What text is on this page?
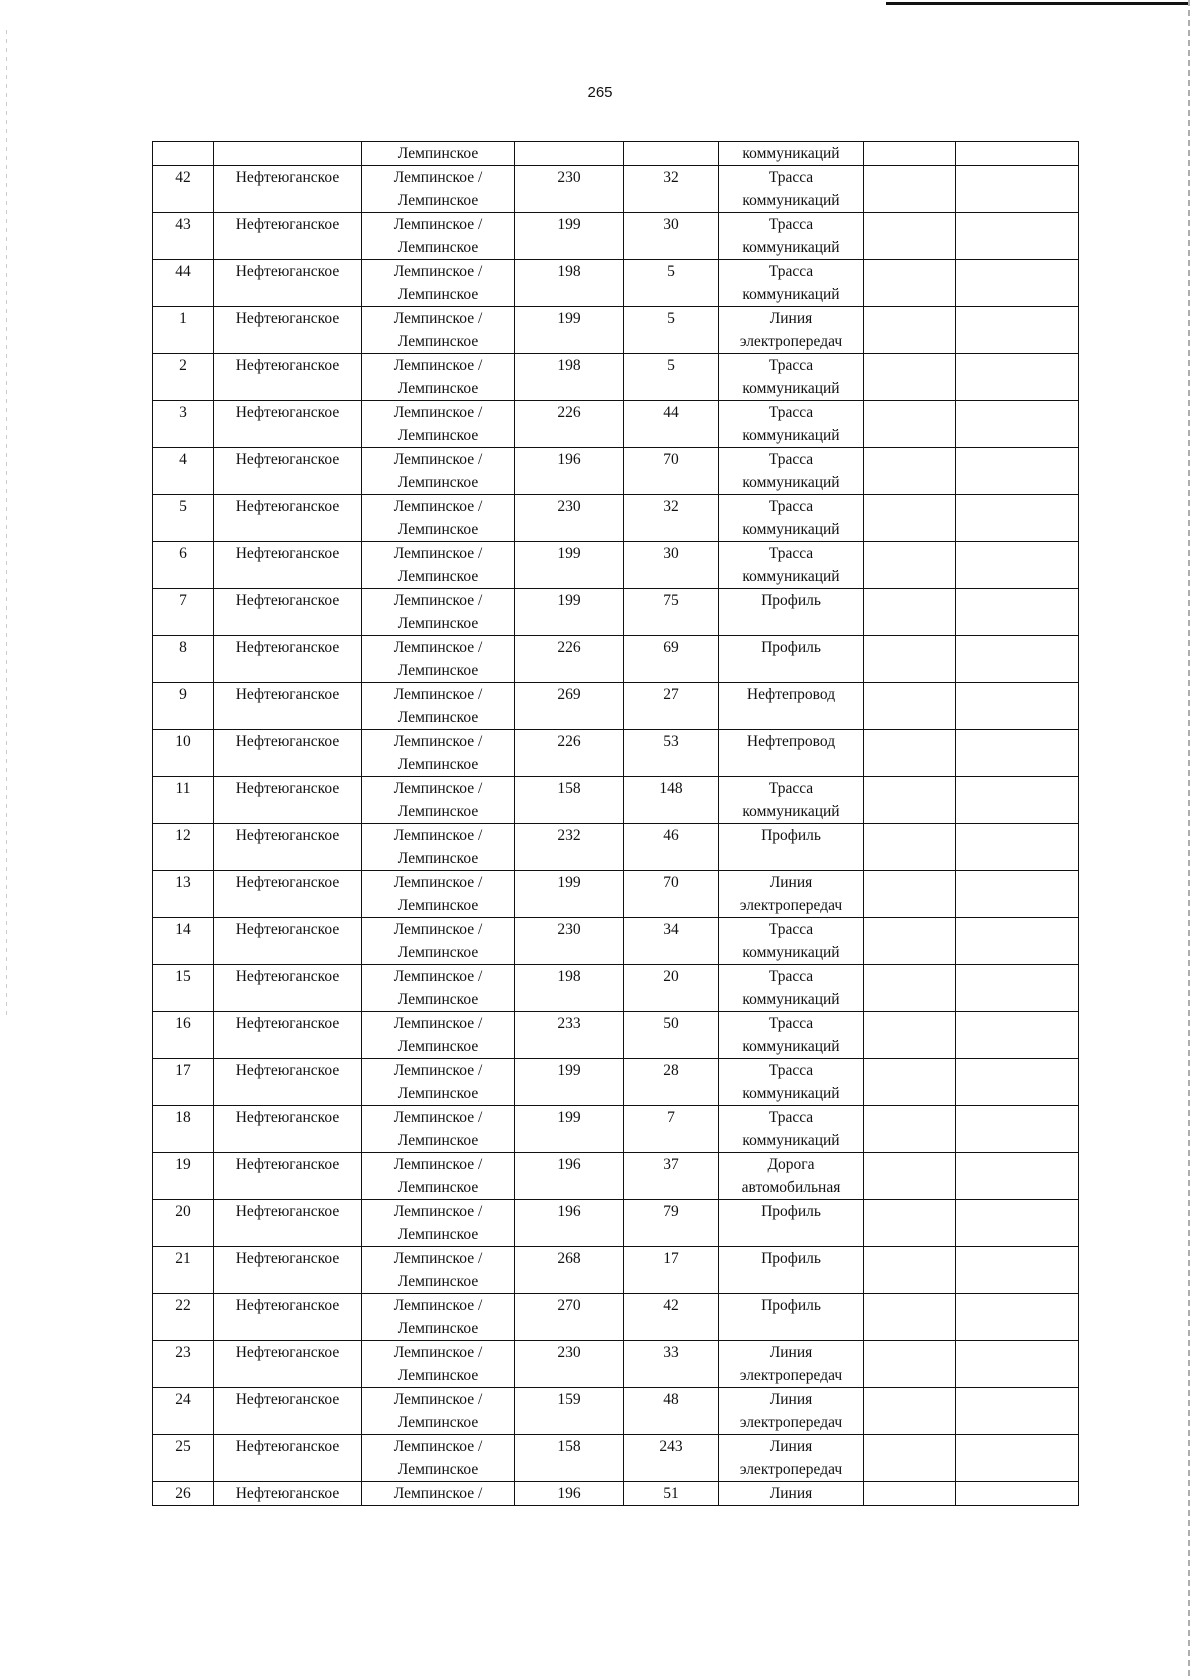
265

		Лемпинское			коммуникаций		

42	Нефтеюганское	Лемпинское /
Лемпинское	230	32	Трасса
коммуникаций		

43	Нефтеюганское	Лемпинское /
Лемпинское	199	30	Трасса
коммуникаций		

44	Нефтеюганское	Лемпинское /
Лемпинское	198	5	Трасса
коммуникаций		

1	Нефтеюганское	Лемпинское /
Лемпинское	199	5	Линия
электропередач		

2	Нефтеюганское	Лемпинское /
Лемпинское	198	5	Трасса
коммуникаций		

3	Нефтеюганское	Лемпинское /
Лемпинское	226	44	Трасса
коммуникаций		

4	Нефтеюганское	Лемпинское /
Лемпинское	196	70	Трасса
коммуникаций		

5	Нефтеюганское	Лемпинское /
Лемпинское	230	32	Трасса
коммуникаций		

6	Нефтеюганское	Лемпинское /
Лемпинское	199	30	Трасса
коммуникаций		

7	Нефтеюганское	Лемпинское /
Лемпинское	199	75	Профиль		

8	Нефтеюганское	Лемпинское /
Лемпинское	226	69	Профиль		

9	Нефтеюганское	Лемпинское /
Лемпинское	269	27	Нефтепровод		

10	Нефтеюганское	Лемпинское /
Лемпинское	226	53	Нефтепровод		

11	Нефтеюганское	Лемпинское /
Лемпинское	158	148	Трасса
коммуникаций		

12	Нефтеюганское	Лемпинское /
Лемпинское	232	46	Профиль		

13	Нефтеюганское	Лемпинское /
Лемпинское	199	70	Линия
электропередач		

14	Нефтеюганское	Лемпинское /
Лемпинское	230	34	Трасса
коммуникаций		

15	Нефтеюганское	Лемпинское /
Лемпинское	198	20	Трасса
коммуникаций		

16	Нефтеюганское	Лемпинское /
Лемпинское	233	50	Трасса
коммуникаций		

17	Нефтеюганское	Лемпинское /
Лемпинское	199	28	Трасса
коммуникаций		

18	Нефтеюганское	Лемпинское /
Лемпинское	199	7	Трасса
коммуникаций		

19	Нефтеюганское	Лемпинское /
Лемпинское	196	37	Дорога
автомобильная		

20	Нефтеюганское	Лемпинское /
Лемпинское	196	79	Профиль		

21	Нефтеюганское	Лемпинское /
Лемпинское	268	17	Профиль		

22	Нефтеюганское	Лемпинское /
Лемпинское	270	42	Профиль		

23	Нефтеюганское	Лемпинское /
Лемпинское	230	33	Линия
электропередач		

24	Нефтеюганское	Лемпинское /
Лемпинское	159	48	Линия
электропередач		

25	Нефтеюганское	Лемпинское /
Лемпинское	158	243	Линия
электропередач		

26	Нефтеюганское	Лемпинское /	196	51	Линия		
